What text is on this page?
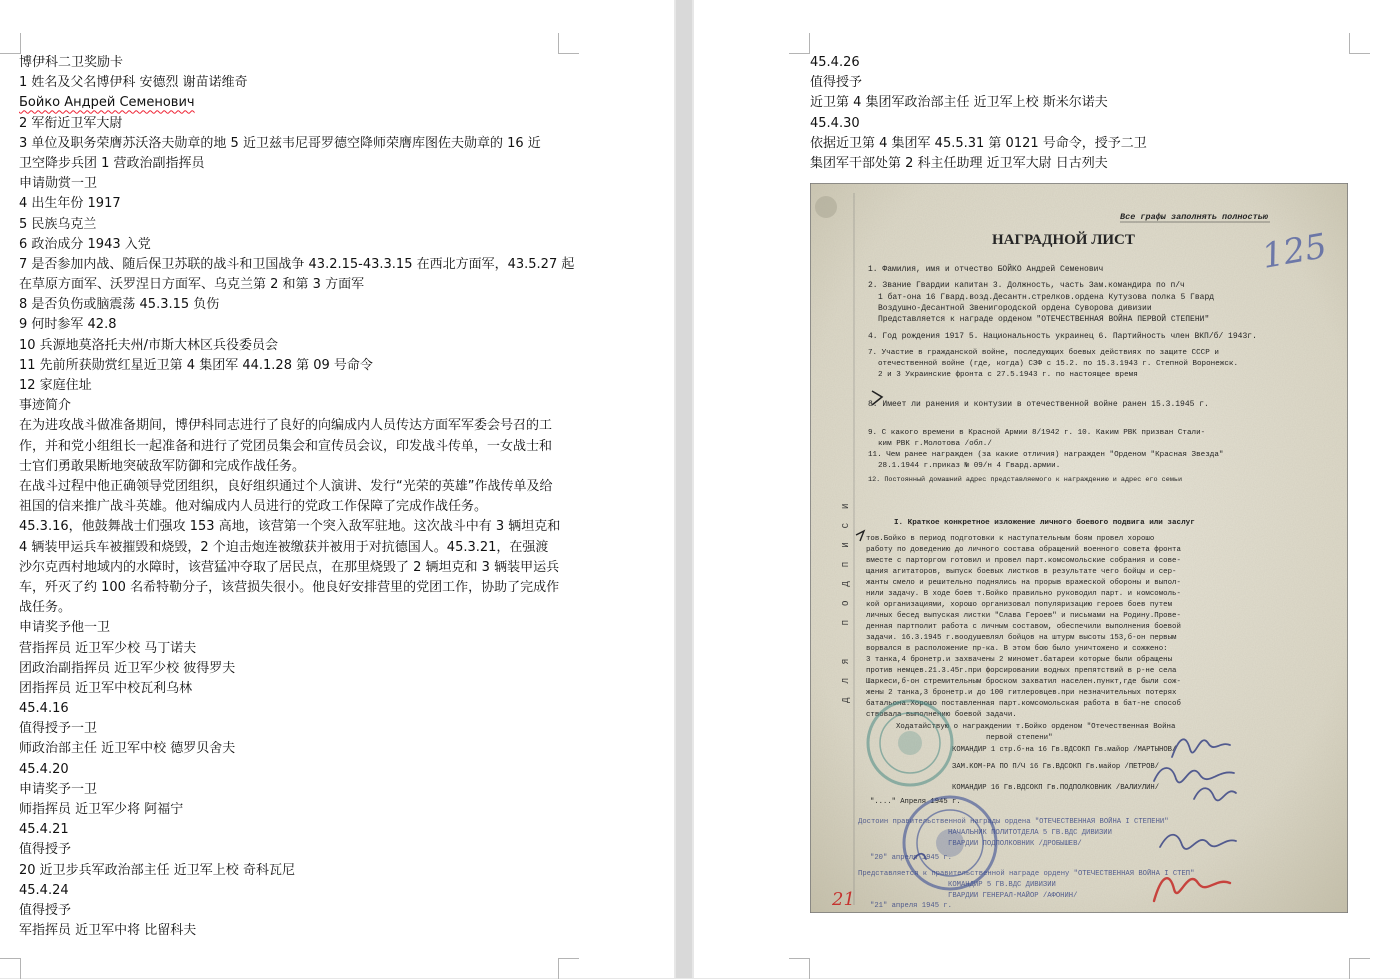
博伊科二卫奖励卡
1 姓名及父名博伊科 安德烈 谢苗诺维奇
Бойко Андрей Семенович
2 军衔近卫军大尉
3 单位及职务荣膺苏沃洛夫勋章的地 5 近卫兹韦尼哥罗德空降师荣膺库图佐夫勋章的 16 近
卫空降步兵团 1 营政治副指挥员
申请勋赏一卫
4 出生年份 1917
5 民族乌克兰
6 政治成分 1943 入党
7 是否参加内战、随后保卫苏联的战斗和卫国战争 43.2.15-43.3.15 在西北方面军，43.5.27 起
在草原方面军、沃罗涅日方面军、乌克兰第 2 和第 3 方面军
8 是否负伤或脑震荡 45.3.15 负伤
9 何时参军 42.8
10 兵源地莫洛托夫州/市斯大林区兵役委员会
11 先前所获勋赏红星近卫第 4 集团军 44.1.28 第 09 号命令
12 家庭住址
事迹简介
在为进攻战斗做准备期间，博伊科同志进行了良好的向编成内人员传达方面军军委会号召的工作，并和党小组组长一起准备和进行了党团员集会和宣传员会议，印发战斗传单，一女战士和士官们勇敢果断地突破敌军防御和完成作战任务。
在战斗过程中他正确领导党团组织，良好组织通过个人演讲、发行“光荣的英雄”作战传单及给祖国的信来推广战斗英雄。他对编成内人员进行的党政工作保障了完成作战任务。
45.3.16，他鼓舞战士们强攻 153 高地，该营第一个突入敌军驻地。这次战斗中有 3 辆坦克和 4 辆装甲运兵车被摧毁和烧毁，2 个迫击炮连被缴获并被用于对抗德国人。45.3.21，在强渡沙尔克西村地域内的水障时，该营猛冲夺取了居民点，在那里烧毁了 2 辆坦克和 3 辆装甲运兵车，歼灭了约 100 名希特勒分子，该营损失很小。他良好安排营里的党团工作，协助了完成作战任务。
申请奖予他一卫
营指挥员 近卫军少校 马丁诺夫
团政治副指挥员 近卫军少校 彼得罗夫
团指挥员 近卫军中校瓦利乌林
45.4.16
值得授予一卫
师政治部主任 近卫军中校 德罗贝舍夫
45.4.20
申请奖予一卫
师指挥员 近卫军少将 阿福宁
45.4.21
值得授予
20 近卫步兵军政治部主任 近卫军上校 奇科瓦尼
45.4.24
值得授予
军指挥员 近卫军中将 比留科夫
45.4.26
值得授予
近卫第 4 集团军政治部主任 近卫军上校 斯米尔诺夫
45.4.30
依据近卫第 4 集团军 45.5.31 第 0121 号命令，授予二卫
集团军干部处第 2 科主任助理 近卫军大尉 日古列夫
Все графы заполнять полностью
НАГРАДНОЙ ЛИСТ	125
1. Фамилия, имя и отчество БОЙКО Андрей Семенович
2. Звание Гвардии капитан 3. Должность, часть Зам.командира по п/ч
1 бат-она 16 Гвард.возд.Десантн.стрелков.ордена Кутузова полка 5 Гвард
Воздушно-Десантной Звенигородской ордена Суворова дивизии
Представляется к награде орденом "ОТЕЧЕСТВЕННАЯ ВОЙНА ПЕРВОЙ СТЕПЕНИ"
4. Год рождения 1917 5. Национальность украинец 6. Партийность член ВКП/б/ 1943г.
7. Участие в гражданской войне, последующих боевых действиях по защите СССР и
отечественной войне (где, когда) СЗФ с 15.2. по 15.3.1943 г. Степной Воронежск.
2 и 3 Украинские фронта с 27.5.1943 г. по настоящее время
8. Имеет ли ранения и контузии в отечественной войне ранен 15.3.1945 г.
9. С какого времени в Красной Армии 8/1942 г. 10. Каким РВК призван Стали-
ким РВК г.Молотова /обл./
11. Чем ранее награжден (за какие отличия) награжден "Орденом "Красная Звезда"
28.1.1944 г.приказ № 09/н 4 Гвард.армии.
12. Постоянный домашний адрес представляемого к награждению и адрес его семьи
I. Краткое конкретное изложение личного боевого подвига или заслуг
тов.Бойко в период подготовки к наступательным боям провел хорошо
работу по доведению до личного состава обращений военного совета фронта
вместе с парторгом готовил и провел парт.комсомольские собрания и сове-
щания агитаторов, выпуск боевых листков в результате чего бойцы и сер-
жанты смело и решительно поднялись на прорыв вражеской обороны и выпол-
нили задачу. В ходе боев т.Бойко правильно руководил парт. и комсомоль-
кой организациями, хорошо организовал популяризацию героев боев путем
личных бесед выпуская листки "Слава Героев" и письмами на Родину.Прове-
денная партполит работа с личным составом, обеспечили выполнения боевой
задачи. 16.3.1945 г.воодушевлял бойцов на штурм высоты 153,б-он первым
ворвался в расположение пр-ка. В этом бою было уничтожено и сожжено:
3 танка,4 бронетр.и захвачены 2 миномет.батареи которые были обращены
против немцев.21.3.45г.при форсировании водных препятствий в р-не села
Шаркеси,б-он стремительным броском захватил населен.пункт,где были сож-
жены 2 танка,3 бронетр.и до 100 гитлеровцев.при незначительных потерях
батальона.Хорошо поставленная парт.комсомольская работа в бат-не способ
ствовала выполнению боевой задачи.
Ходатайствую о награждении т.Бойко орденом "Отечественная Война
первой степени"
КОМАНДИР 1 стр.б-на 16 Гв.ВДСОКП Гв.майор /МАРТЫНОВ/
ЗАМ.КОМ-РА ПО П/Ч 16 Гв.ВДСОКП Гв.майор /ПЕТРОВ/
КОМАНДИР 16 Гв.ВДСОКП Гв.ПОДПОЛКОВНИК /ВАЛИУЛИН/
"...." Апреля 1945 г.
Достоин правительственной награды ордена "ОТЕЧЕСТВЕННАЯ ВОЙНА I СТЕПЕНИ"
НАЧАЛЬНИК ПОЛИТОТДЕЛА 5 ГВ.ВДС ДИВИЗИИ
ГВАРДИИ ПОДПОЛКОВНИК /ДРОБЫШЕВ/
"20" апреля 1945 г.
Представляется к правительственной награде ордену "ОТЕЧЕСТВЕННАЯ ВОЙНА I СТЕП"
КОМАНДИР 5 ГВ.ВДС ДИВИЗИИ
ГВАРДИИ ГЕНЕРАЛ-МАЙОР /АФОНИН/
"21" апреля 1945 г.
ДЛЯ ПОДПИСИ
21
